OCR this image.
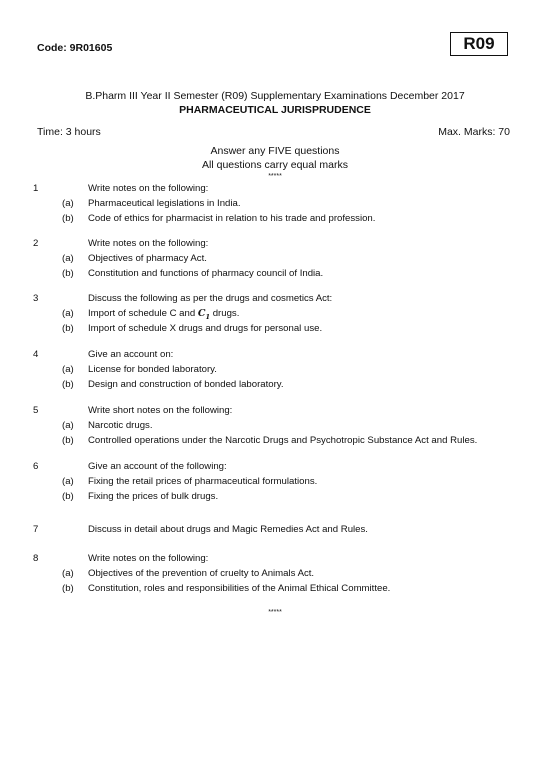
Code: 9R01605	R09
B.Pharm III Year II Semester (R09) Supplementary Examinations December 2017
PHARMACEUTICAL JURISPRUDENCE
Time: 3 hours	Max. Marks: 70
Answer any FIVE questions
All questions carry equal marks
*****
1	Write notes on the following:
(a) Pharmaceutical legislations in India.
(b) Code of ethics for pharmacist in relation to his trade and profession.
2	Write notes on the following:
(a) Objectives of pharmacy Act.
(b) Constitution and functions of pharmacy council of India.
3	Discuss the following as per the drugs and cosmetics Act:
(a) Import of schedule C and $C_1$ drugs.
(b) Import of schedule X drugs and drugs for personal use.
4	Give an account on:
(a) License for bonded laboratory.
(b) Design and construction of bonded laboratory.
5	Write short notes on the following:
(a) Narcotic drugs.
(b) Controlled operations under the Narcotic Drugs and Psychotropic Substance Act and Rules.
6	Give an account of the following:
(a) Fixing the retail prices of pharmaceutical formulations.
(b) Fixing the prices of bulk drugs.
7	Discuss in detail about drugs and Magic Remedies Act and Rules.
8	Write notes on the following:
(a) Objectives of the prevention of cruelty to Animals Act.
(b) Constitution, roles and responsibilities of the Animal Ethical Committee.
*****
